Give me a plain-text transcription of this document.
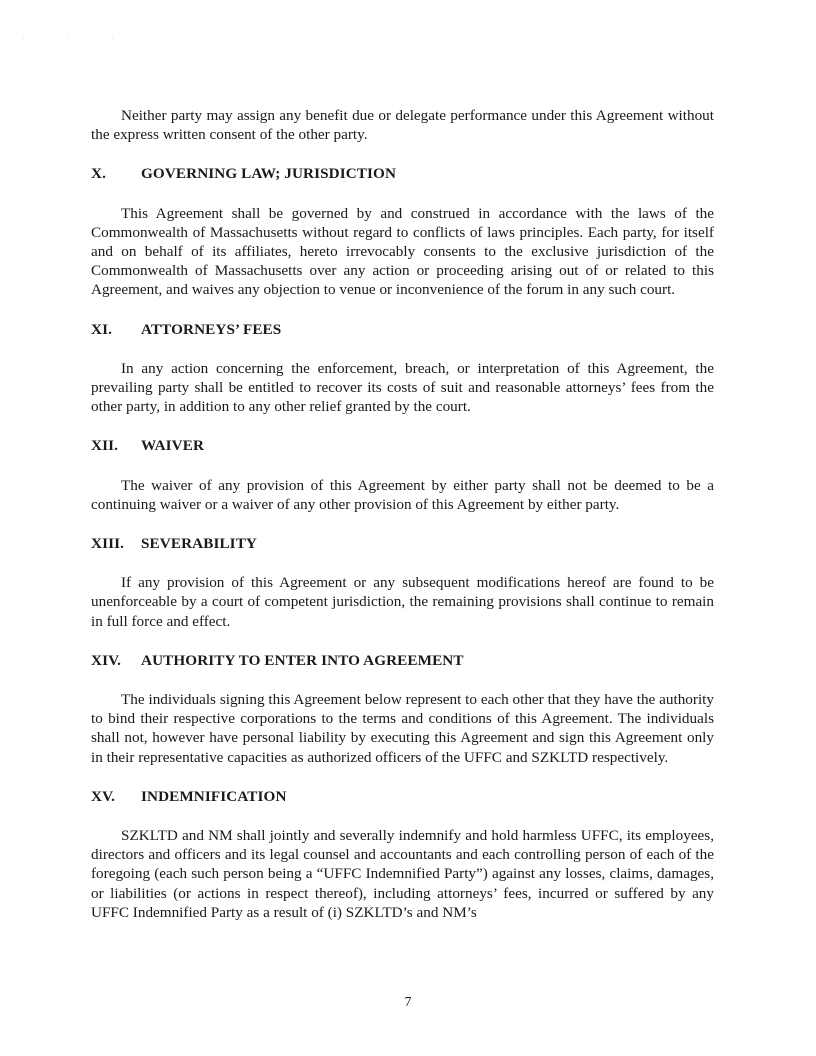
· · ·

Neither party may assign any benefit due or delegate performance under this Agreement without the express written consent of the other party.

X.	GOVERNING LAW; JURISDICTION

This Agreement shall be governed by and construed in accordance with the laws of the Commonwealth of Massachusetts without regard to conflicts of laws principles. Each party, for itself and on behalf of its affiliates, hereto irrevocably consents to the exclusive jurisdiction of the Commonwealth of Massachusetts over any action or proceeding arising out of or related to this Agreement, and waives any objection to venue or inconvenience of the forum in any such court.

XI.	ATTORNEYS’ FEES

In any action concerning the enforcement, breach, or interpretation of this Agreement, the prevailing party shall be entitled to recover its costs of suit and reasonable attorneys’ fees from the other party, in addition to any other relief granted by the court.

XII.	WAIVER

The waiver of any provision of this Agreement by either party shall not be deemed to be a continuing waiver or a waiver of any other provision of this Agreement by either party.

XIII.	SEVERABILITY

If any provision of this Agreement or any subsequent modifications hereof are found to be unenforceable by a court of competent jurisdiction, the remaining provisions shall continue to remain in full force and effect.

XIV.	AUTHORITY TO ENTER INTO AGREEMENT

The individuals signing this Agreement below represent to each other that they have the authority to bind their respective corporations to the terms and conditions of this Agreement. The individuals shall not, however have personal liability by executing this Agreement and sign this Agreement only in their representative capacities as authorized officers of the UFFC and SZKLTD respectively.

XV.	INDEMNIFICATION

SZKLTD and NM shall jointly and severally indemnify and hold harmless UFFC, its employees, directors and officers and its legal counsel and accountants and each controlling person of each of the foregoing (each such person being a “UFFC Indemnified Party”) against any losses, claims, damages, or liabilities (or actions in respect thereof), including attorneys’ fees, incurred or suffered by any UFFC Indemnified Party as a result of (i) SZKLTD’s and NM’s

7
